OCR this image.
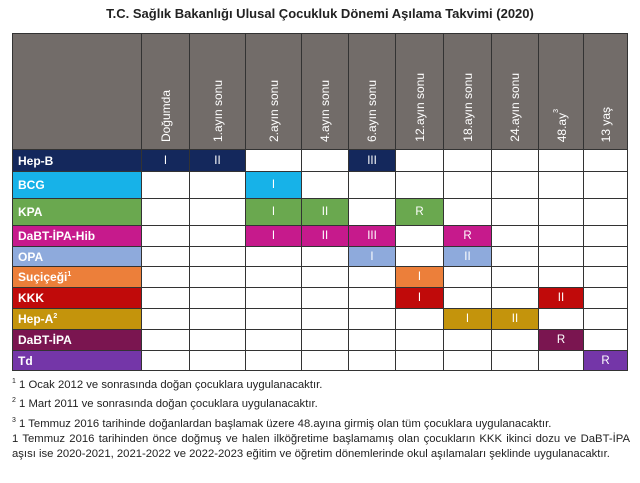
T.C. Sağlık Bakanlığı Ulusal Çocukluk Dönemi Aşılama Takvimi (2020)
	Doğumda	1.ayın sonu	2.ayın sonu	4.ayın sonu	6.ayın sonu	12.ayın sonu	18.ayın sonu	24.ayın sonu	$48.ay^3$	13 yaş
Hep-B	I	II			III					
BCG			I							
KPA			I	II		R				
DaBT-İPA-Hib			I	II	III		R			
OPA					I		II			
Suçiçeği$^1$						I				
KKK						I			II	
Hep-$A^2$							I	II		
DaBT-İPA									R	
Td										R

$^1$ 1 Ocak 2012 ve sonrasında doğan çocuklara uygulanacaktır.

$^2$ 1 Mart 2011 ve sonrasında doğan çocuklara uygulanacaktır.

$^3$ 1 Temmuz 2016 tarihinde doğanlardan başlamak üzere 48.ayına girmiş olan tüm çocuklara uygulanacaktır.

1 Temmuz 2016 tarihinden önce doğmuş ve halen ilköğretime başlamamış olan çocukların KKK ikinci dozu ve DaBT-İPA aşısı ise 2020-2021, 2021-2022 ve 2022-2023 eğitim ve öğretim dönemlerinde okul aşılamaları şeklinde uygulanacaktır.
